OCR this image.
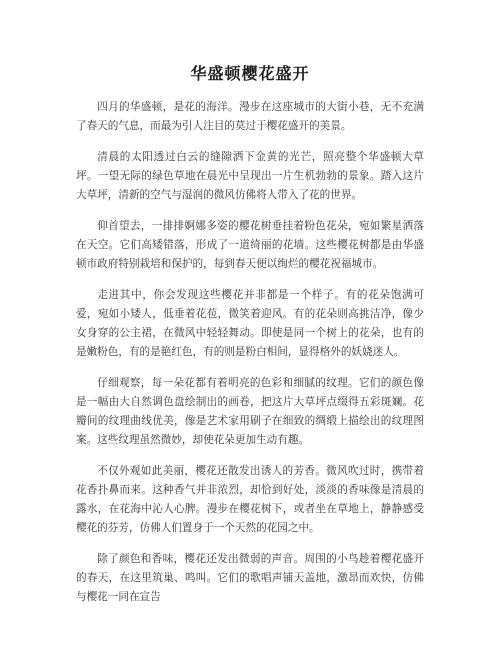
华盛顿樱花盛开

四月的华盛顿，是花的海洋。漫步在这座城市的大街小巷，无不充满了春天的气息，而最为引人注目的莫过于樱花盛开的美景。

清晨的太阳透过白云的缝隙洒下金黄的光芒，照亮整个华盛顿大草坪。一望无际的绿色草地在晨光中呈现出一片生机勃勃的景象。踏入这片大草坪，清新的空气与湿润的微风仿佛将人带入了花的世界。

仰首望去，一排排婀娜多姿的樱花树垂挂着粉色花朵，宛如繁星洒落在天空。它们高矮错落，形成了一道绮丽的花墙。这些樱花树都是由华盛顿市政府特别栽培和保护的，每到春天便以绚烂的樱花祝福城市。

走进其中，你会发现这些樱花并非都是一个样子。有的花朵饱满可爱，宛如小矮人，低垂着花苞，微笑着迎风。有的花朵则高挑洁净，像少女身穿的公主裙，在微风中轻轻舞动。即使是同一个树上的花朵，也有的是嫩粉色，有的是艳红色，有的则是粉白相间，显得格外的妖娆迷人。

仔细观察，每一朵花都有着明亮的色彩和细腻的纹理。它们的颜色像是一幅由大自然调色盘绘制出的画卷，把这片大草坪点缀得五彩斑斓。花瓣间的纹理曲线优美，像是艺术家用刷子在细致的绸缎上描绘出的纹理图案。这些纹理虽然微妙，却使花朵更加生动有趣。

不仅外观如此美丽，樱花还散发出诱人的芳香。微风吹过时，携带着花香扑鼻而来。这种香气并非浓烈，却恰到好处，淡淡的香味像是清晨的露水，在花海中沁人心脾。漫步在樱花树下，或者坐在草地上，静静感受樱花的芬芳，仿佛人们置身于一个天然的花园之中。

除了颜色和香味，樱花还发出微弱的声音。周围的小鸟趁着樱花盛开的春天，在这里筑巢、鸣叫。它们的歌唱声铺天盖地，激昂而欢快，仿佛与樱花一同在宣告
